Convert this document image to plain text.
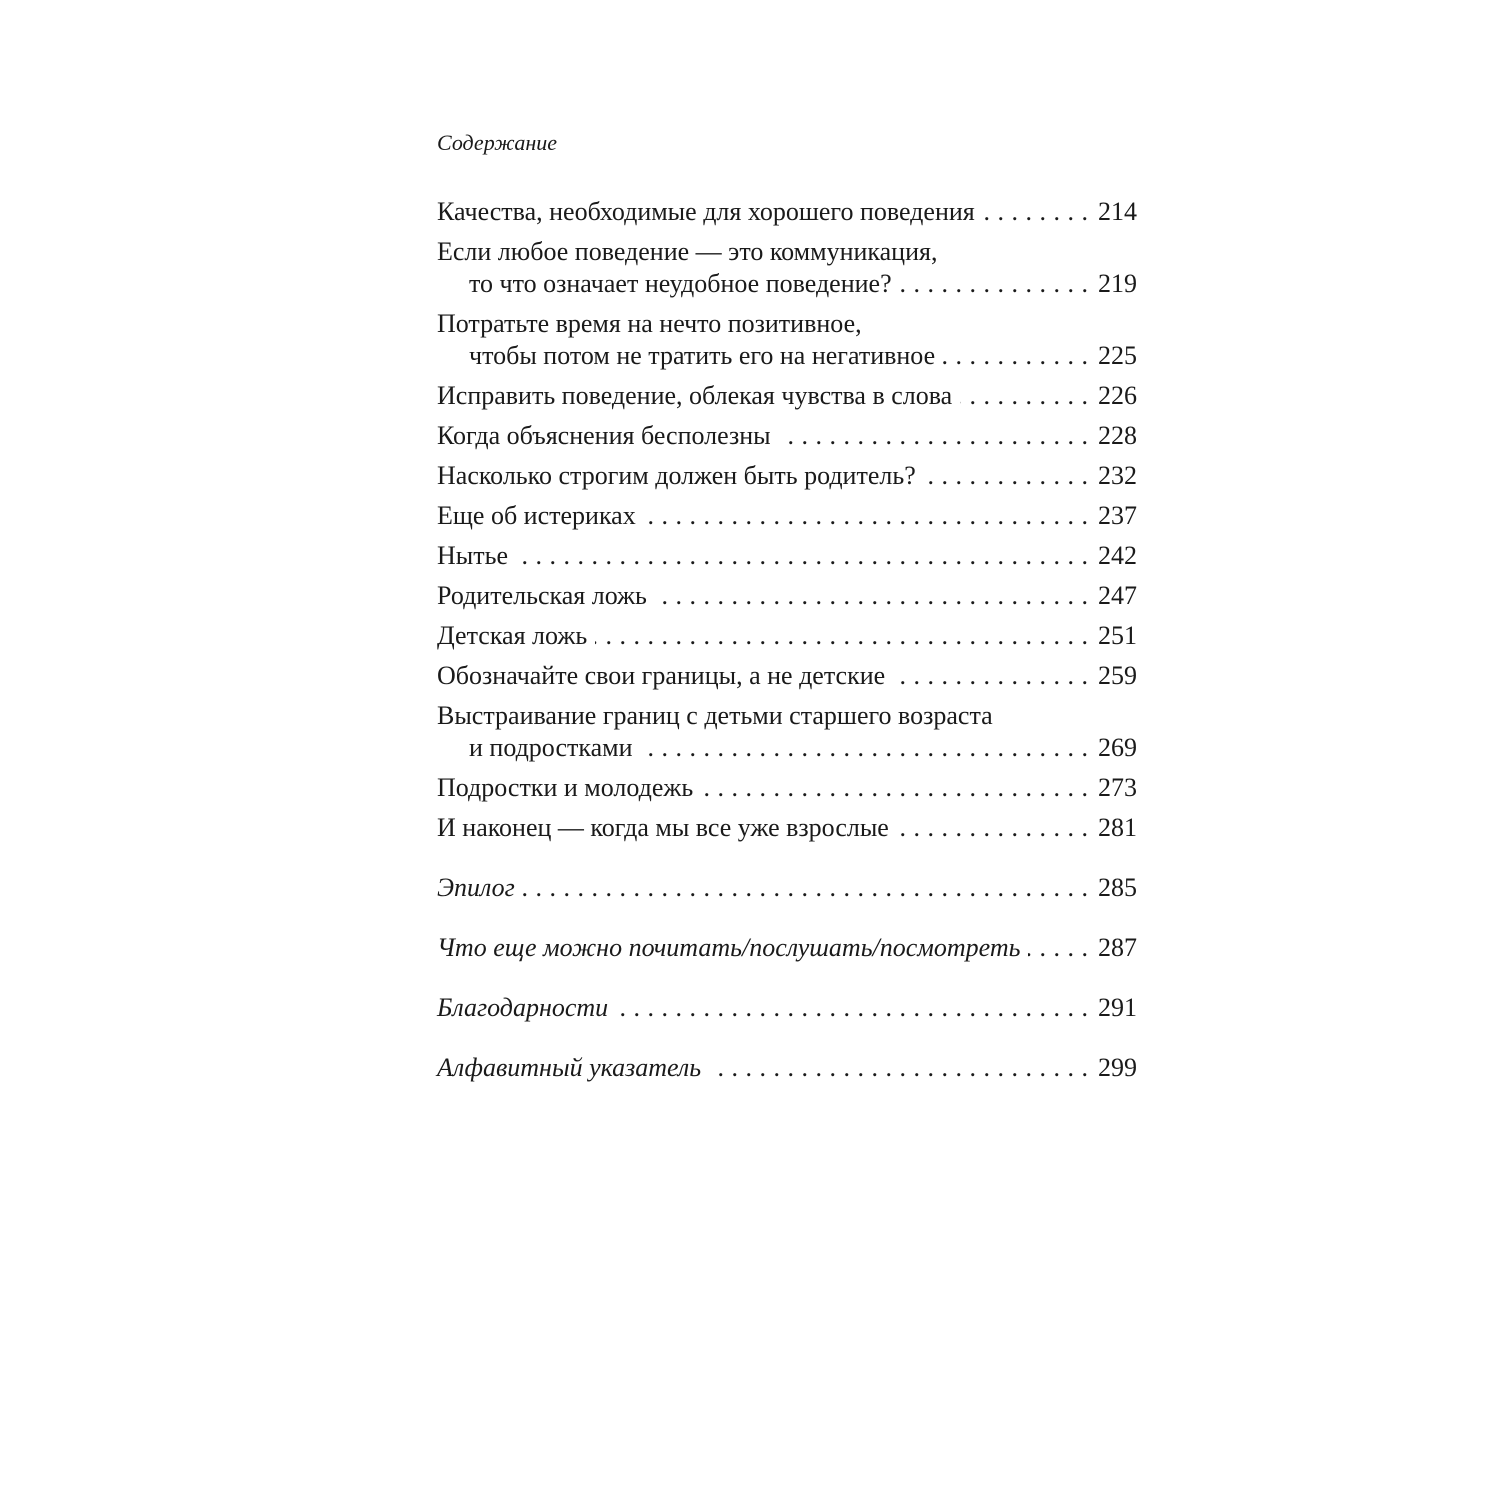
Содержание
Качества, необходимые для хорошего поведения . . .	214
Если любое поведение — это коммуникация,
то что означает неудобное поведение? . . .	219
Потратьте время на нечто позитивное,
чтобы потом не тратить его на негативное . . .	225
Исправить поведение, облекая чувства в слова . . .	226
Когда объяснения бесполезны . . .	228
Насколько строгим должен быть родитель? . . .	232
Еще об истериках . . .	237
Нытье . . .	242
Родительская ложь . . .	247
Детская ложь . . .	251
Обозначайте свои границы, а не детские . . .	259
Выстраивание границ с детьми старшего возраста
и подростками . . .	269
Подростки и молодежь . . .	273
И наконец — когда мы все уже взрослые . . .	281
Эпилог . . .	285
Что еще можно почитать/послушать/посмотреть . . .	287
Благодарности . . .	291
Алфавитный указатель . . .	299
